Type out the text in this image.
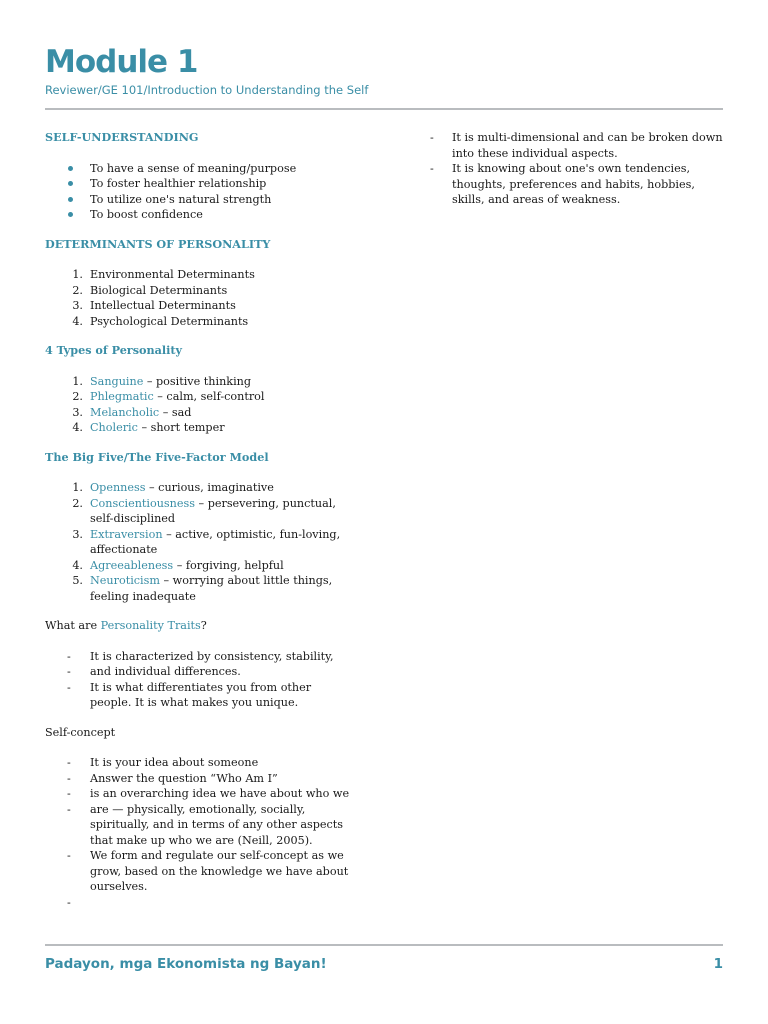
Module 1
Reviewer/GE 101/Introduction to Understanding the Self

SELF-UNDERSTANDING

To have a sense of meaning/purpose
To foster healthier relationship
To utilize one's natural strength
To boost confidence

DETERMINANTS OF PERSONALITY

1. Environmental Determinants
2. Biological Determinants
3. Intellectual Determinants
4. Psychological Determinants

4 Types of Personality

1. Sanguine – positive thinking
2. Phlegmatic – calm, self-control
3. Melancholic – sad
4. Choleric – short temper

The Big Five/The Five-Factor Model

1. Openness – curious, imaginative
2. Conscientiousness – persevering, punctual, self-disciplined
3. Extraversion – active, optimistic, fun-loving, affectionate
4. Agreeableness – forgiving, helpful
5. Neuroticism – worrying about little things, feeling inadequate

What are Personality Traits?

- It is characterized by consistency, stability,
- and individual differences.
- It is what differentiates you from other people. It is what makes you unique.

Self-concept

- It is your idea about someone
- Answer the question “Who Am I”
- is an overarching idea we have about who we
- are — physically, emotionally, socially, spiritually, and in terms of any other aspects that make up who we are (Neill, 2005).
- We form and regulate our self-concept as we grow, based on the knowledge we have about ourselves.
-

- It is multi-dimensional and can be broken down into these individual aspects.
- It is knowing about one's own tendencies, thoughts, preferences and habits, hobbies, skills, and areas of weakness.
Padayon, mga Ekonomista ng Bayan!	1
